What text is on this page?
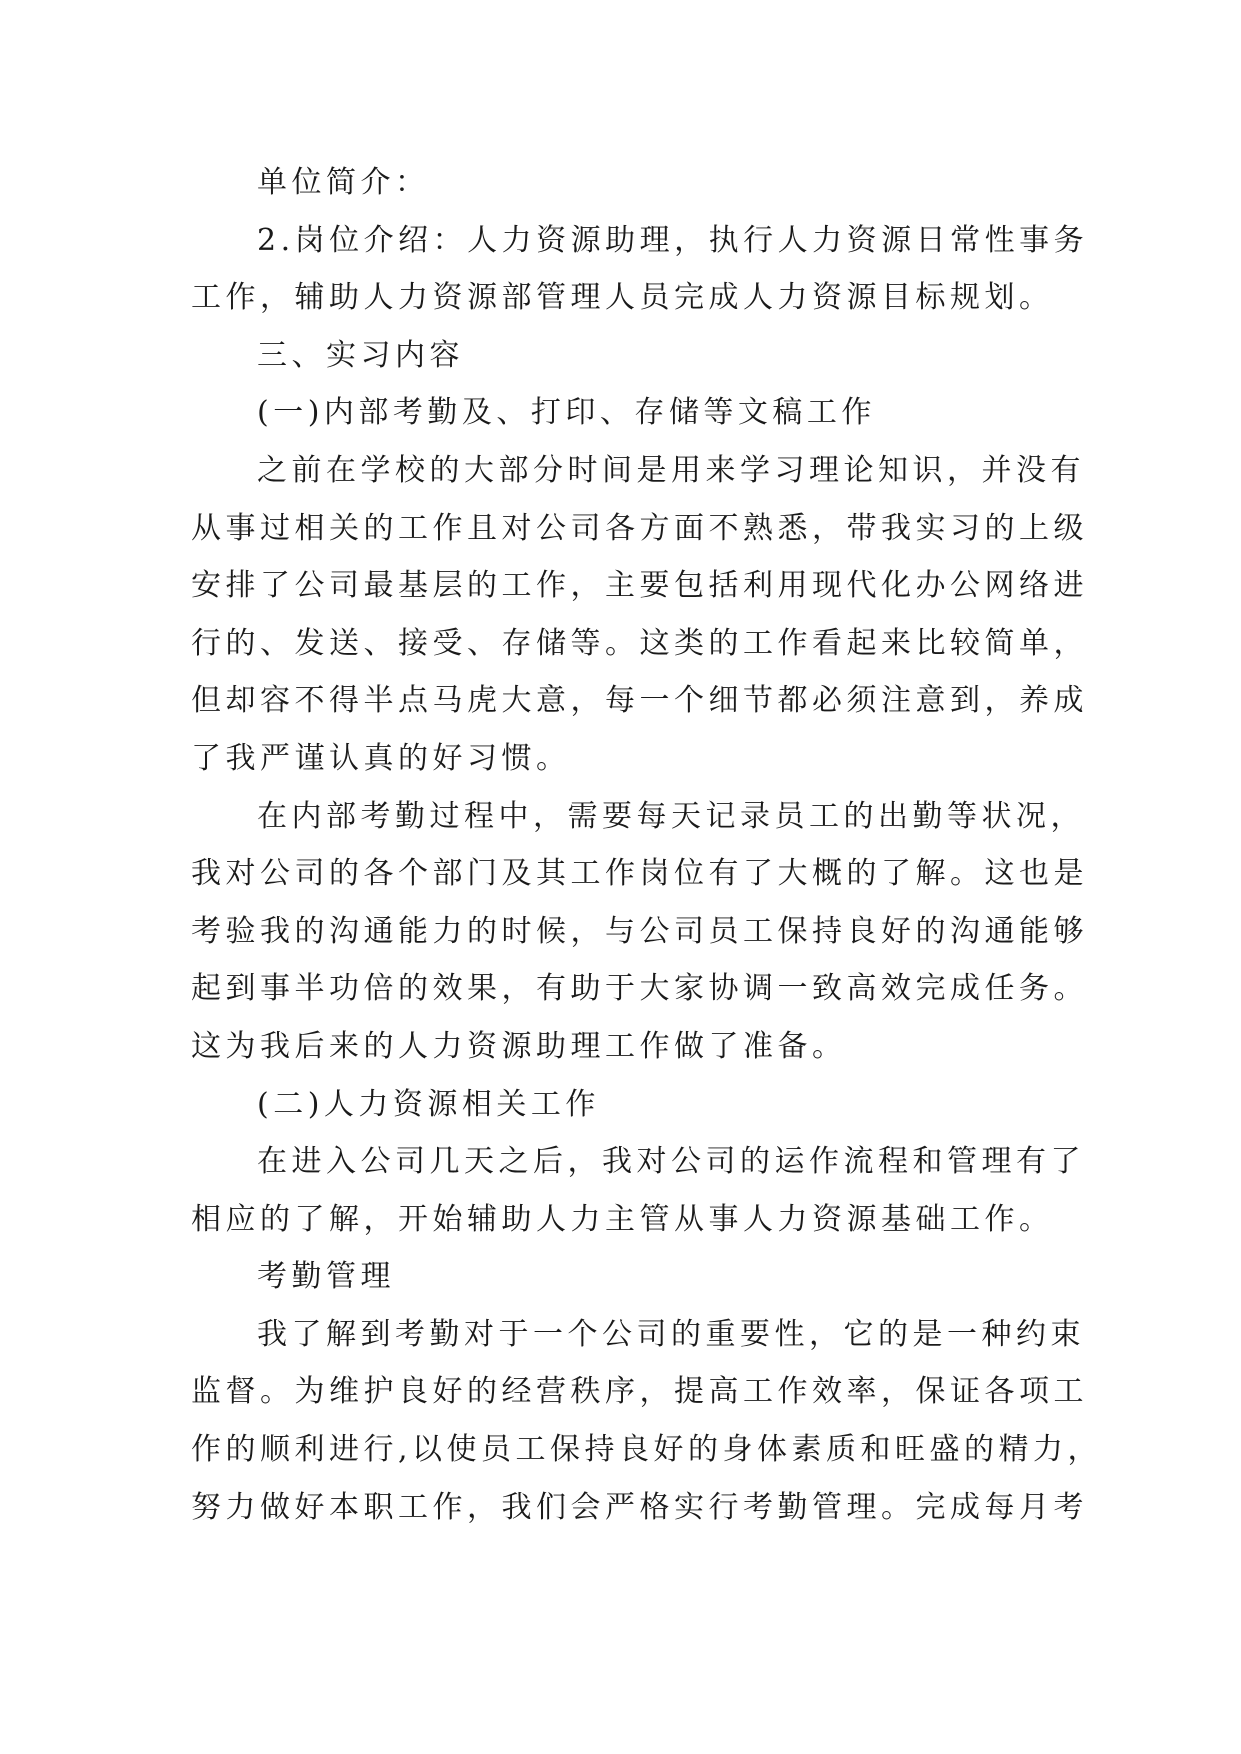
单位简介：
2.岗位介绍：人力资源助理，执行人力资源日常性事务
工作，辅助人力资源部管理人员完成人力资源目标规划。
三、实习内容
(一)内部考勤及、打印、存储等文稿工作
之前在学校的大部分时间是用来学习理论知识，并没有
从事过相关的工作且对公司各方面不熟悉，带我实习的上级
安排了公司最基层的工作，主要包括利用现代化办公网络进
行的、发送、接受、存储等。这类的工作看起来比较简单，
但却容不得半点马虎大意，每一个细节都必须注意到，养成
了我严谨认真的好习惯。
在内部考勤过程中，需要每天记录员工的出勤等状况，
我对公司的各个部门及其工作岗位有了大概的了解。这也是
考验我的沟通能力的时候，与公司员工保持良好的沟通能够
起到事半功倍的效果，有助于大家协调一致高效完成任务。
这为我后来的人力资源助理工作做了准备。
(二)人力资源相关工作
在进入公司几天之后，我对公司的运作流程和管理有了
相应的了解，开始辅助人力主管从事人力资源基础工作。
考勤管理
我了解到考勤对于一个公司的重要性，它的是一种约束
监督。为维护良好的经营秩序，提高工作效率，保证各项工
作的顺利进行,以使员工保持良好的身体素质和旺盛的精力，
努力做好本职工作，我们会严格实行考勤管理。完成每月考
